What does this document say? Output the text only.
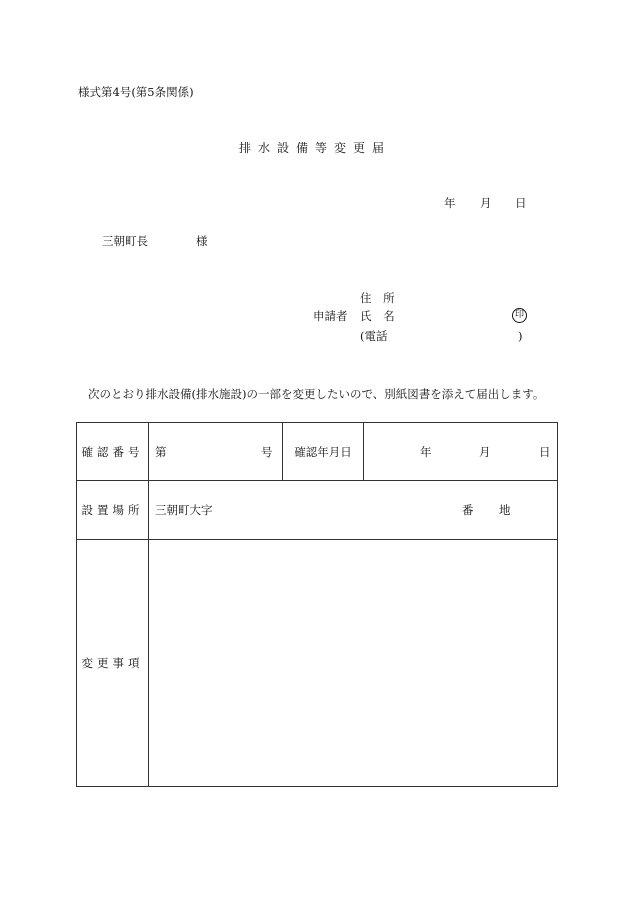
様式第4号(第5条関係)
排水設備等変更届
年 月 日
三朝町長	様
住 所
申請者 氏 名	印
(電話	)
次のとおり排水設備(排水施設)の一部を変更したいので、別紙図書を添えて届出します。
確認番号	第 号	確認年月日	年 月 日

設置場所	三朝町大字 番 地		

変更事項			
